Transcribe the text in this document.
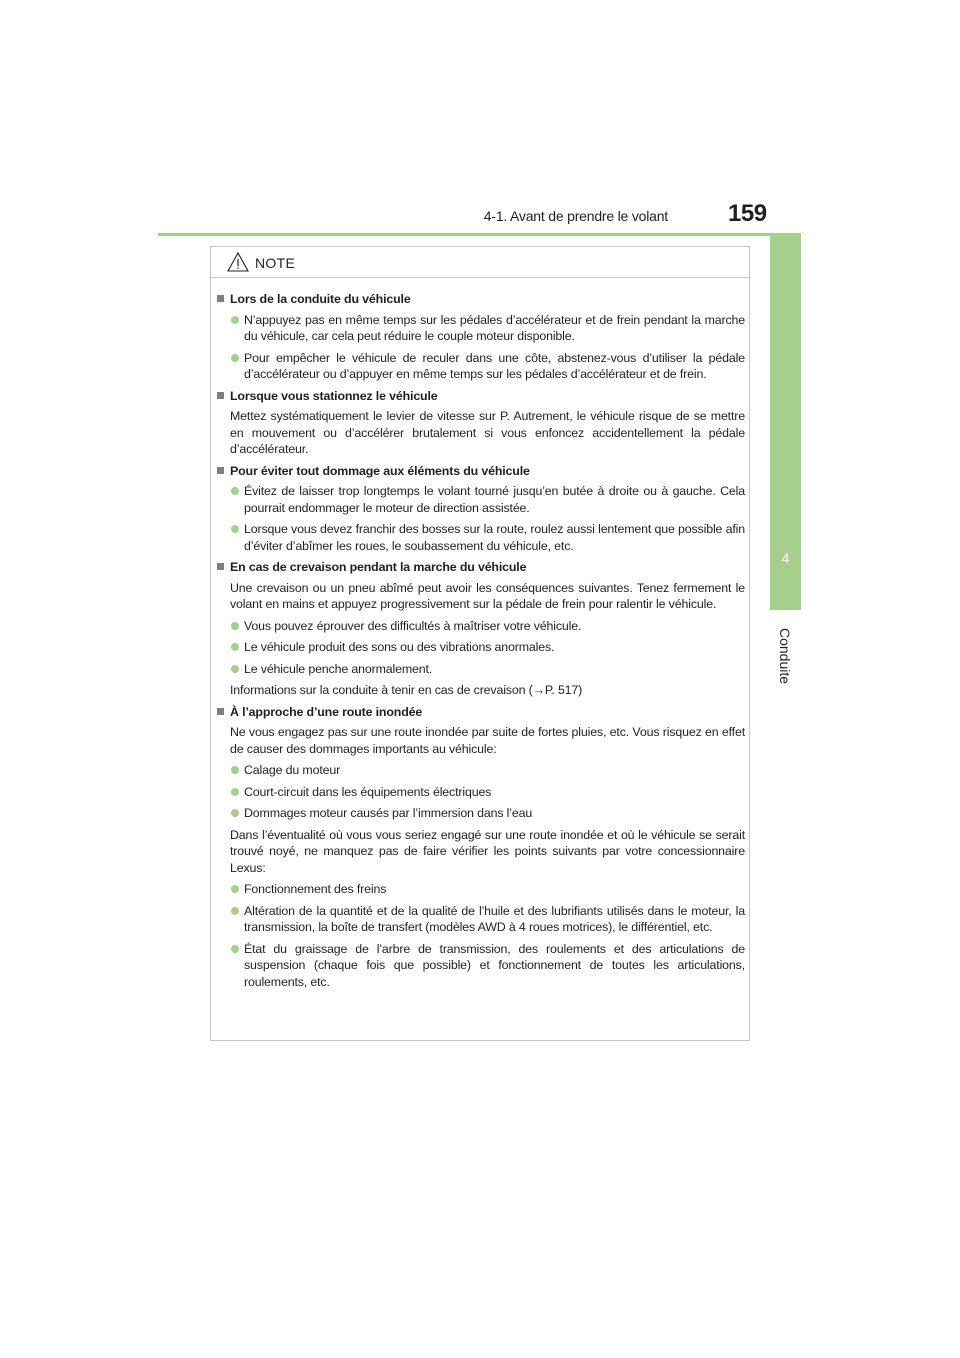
4-1. Avant de prendre le volant	159
4
Conduite
NOTE

Lors de la conduite du véhicule

N’appuyez pas en même temps sur les pédales d’accélérateur et de frein pendant la marche du véhicule, car cela peut réduire le couple moteur disponible.
Pour empêcher le véhicule de reculer dans une côte, abstenez-vous d’utiliser la pédale d’accélérateur ou d’appuyer en même temps sur les pédales d’accélérateur et de frein.

Lorsque vous stationnez le véhicule

Mettez systématiquement le levier de vitesse sur P. Autrement, le véhicule risque de se mettre en mouvement ou d’accélérer brutalement si vous enfoncez accidentellement la pédale d’accélérateur.

Pour éviter tout dommage aux éléments du véhicule

Évitez de laisser trop longtemps le volant tourné jusqu’en butée à droite ou à gauche. Cela pourrait endommager le moteur de direction assistée.
Lorsque vous devez franchir des bosses sur la route, roulez aussi lentement que possible afin d’éviter d’abîmer les roues, le soubassement du véhicule, etc.

En cas de crevaison pendant la marche du véhicule

Une crevaison ou un pneu abîmé peut avoir les conséquences suivantes. Tenez fermement le volant en mains et appuyez progressivement sur la pédale de frein pour ralentir le véhicule.

Vous pouvez éprouver des difficultés à maîtriser votre véhicule.
Le véhicule produit des sons ou des vibrations anormales.
Le véhicule penche anormalement.

Informations sur la conduite à tenir en cas de crevaison (→P. 517)

À l’approche d’une route inondée

Ne vous engagez pas sur une route inondée par suite de fortes pluies, etc. Vous risquez en effet de causer des dommages importants au véhicule:

Calage du moteur
Court-circuit dans les équipements électriques
Dommages moteur causés par l’immersion dans l’eau

Dans l’éventualité où vous vous seriez engagé sur une route inondée et où le véhicule se serait trouvé noyé, ne manquez pas de faire vérifier les points suivants par votre concessionnaire Lexus:

Fonctionnement des freins
Altération de la quantité et de la qualité de l’huile et des lubrifiants utilisés dans le moteur, la transmission, la boîte de transfert (modèles AWD à 4 roues motrices), le différentiel, etc.
État du graissage de l’arbre de transmission, des roulements et des articulations de suspension (chaque fois que possible) et fonctionnement de toutes les articulations, roulements, etc.
